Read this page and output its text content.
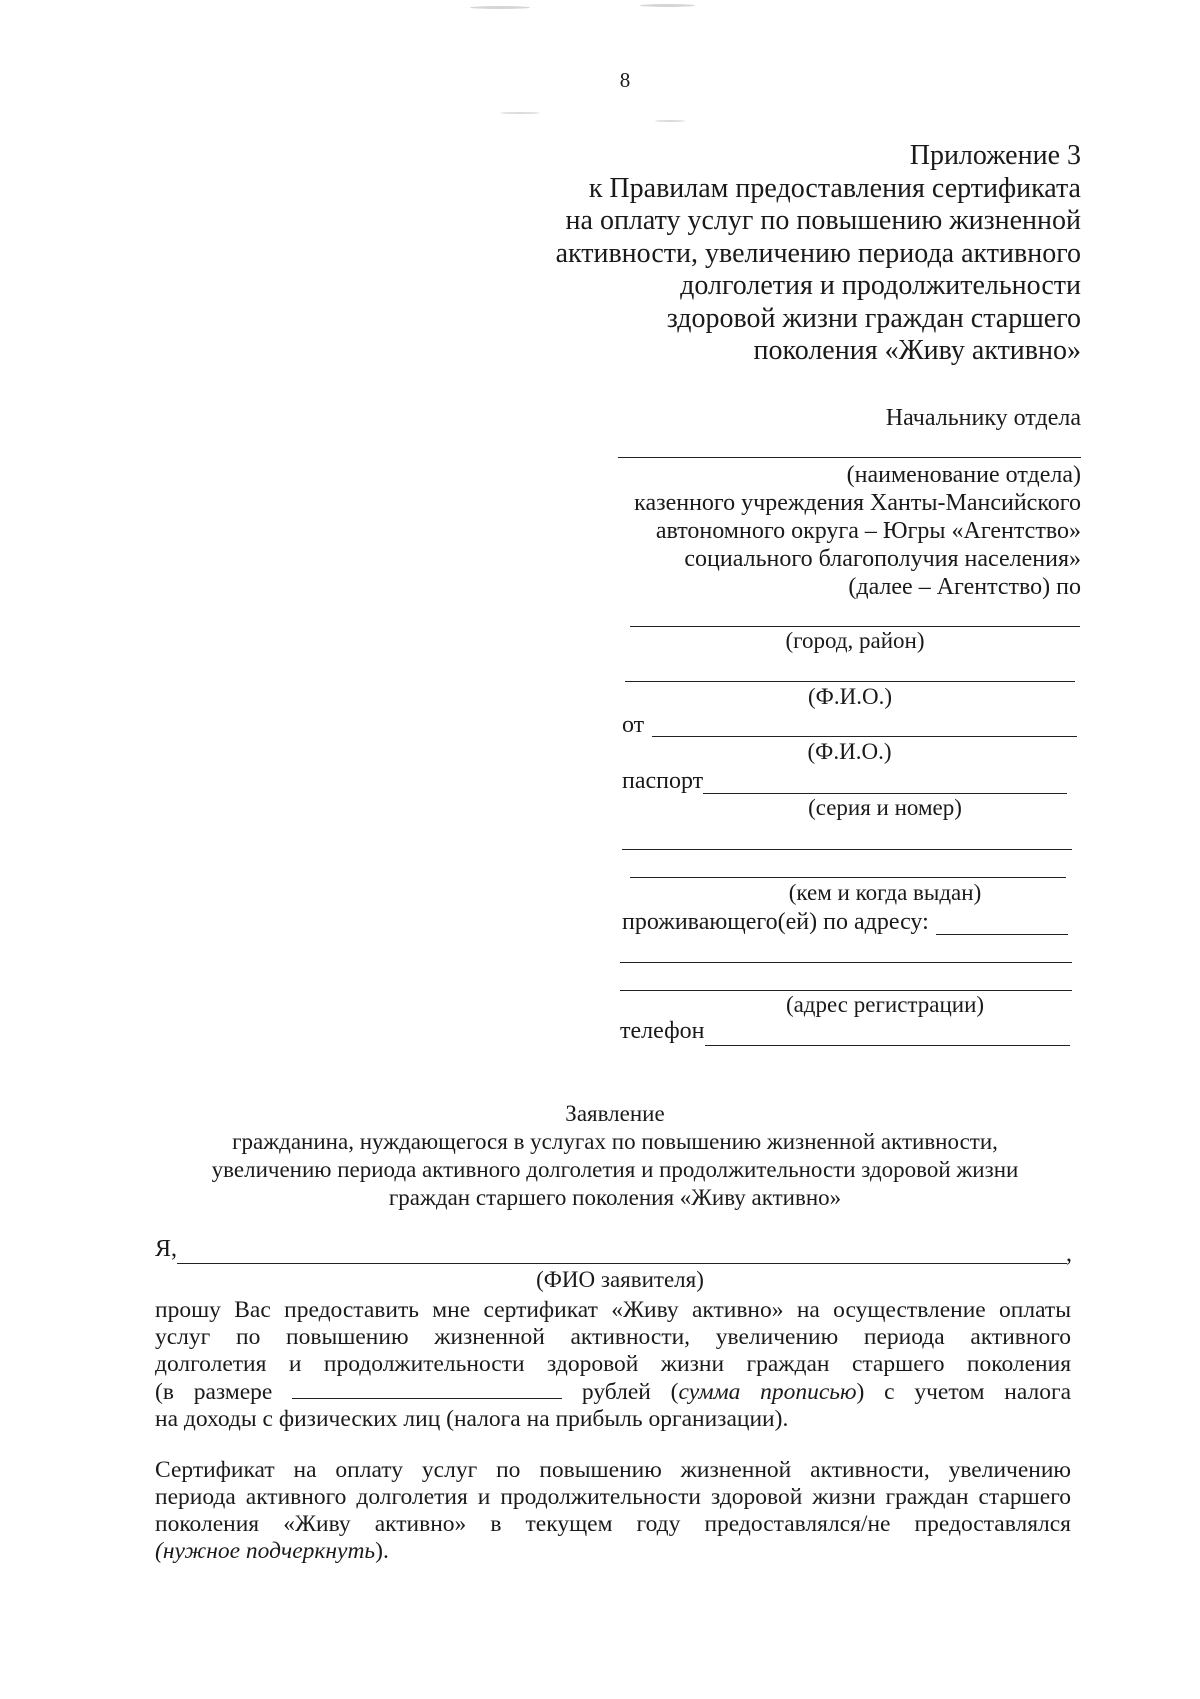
8
Приложение 3
к Правилам предоставления сертификата
на оплату услуг по повышению жизненной
активности, увеличению периода активного
долголетия и продолжительности
здоровой жизни граждан старшего
поколения «Живу активно»
Начальнику отдела
(наименование отдела)
казенного учреждения Ханты-Мансийского
автономного округа – Югры «Агентство»
социального благополучия населения»
(далее – Агентство) по
(город, район)
(Ф.И.О.)
от
(Ф.И.О.)
паспорт
(серия и номер)
(кем и когда выдан)
проживающего(ей) по адресу:
(адрес регистрации)
телефон
Заявление
гражданина, нуждающегося в услугах по повышению жизненной активности,
увеличению периода активного долголетия и продолжительности здоровой жизни
граждан старшего поколения «Живу активно»
Я,	,
(ФИО заявителя)
прошу Вас предоставить мне сертификат «Живу активно» на осуществление оплаты
услуг по повышению жизненной активности, увеличению периода активного
долголетия и продолжительности здоровой жизни граждан старшего поколения
(в размере	рублей (сумма прописью) с учетом налога
на доходы с физических лиц (налога на прибыль организации).
Сертификат на оплату услуг по повышению жизненной активности, увеличению
периода активного долголетия и продолжительности здоровой жизни граждан старшего
поколения «Живу активно» в текущем году предоставлялся/не предоставлялся
(нужное подчеркнуть).
